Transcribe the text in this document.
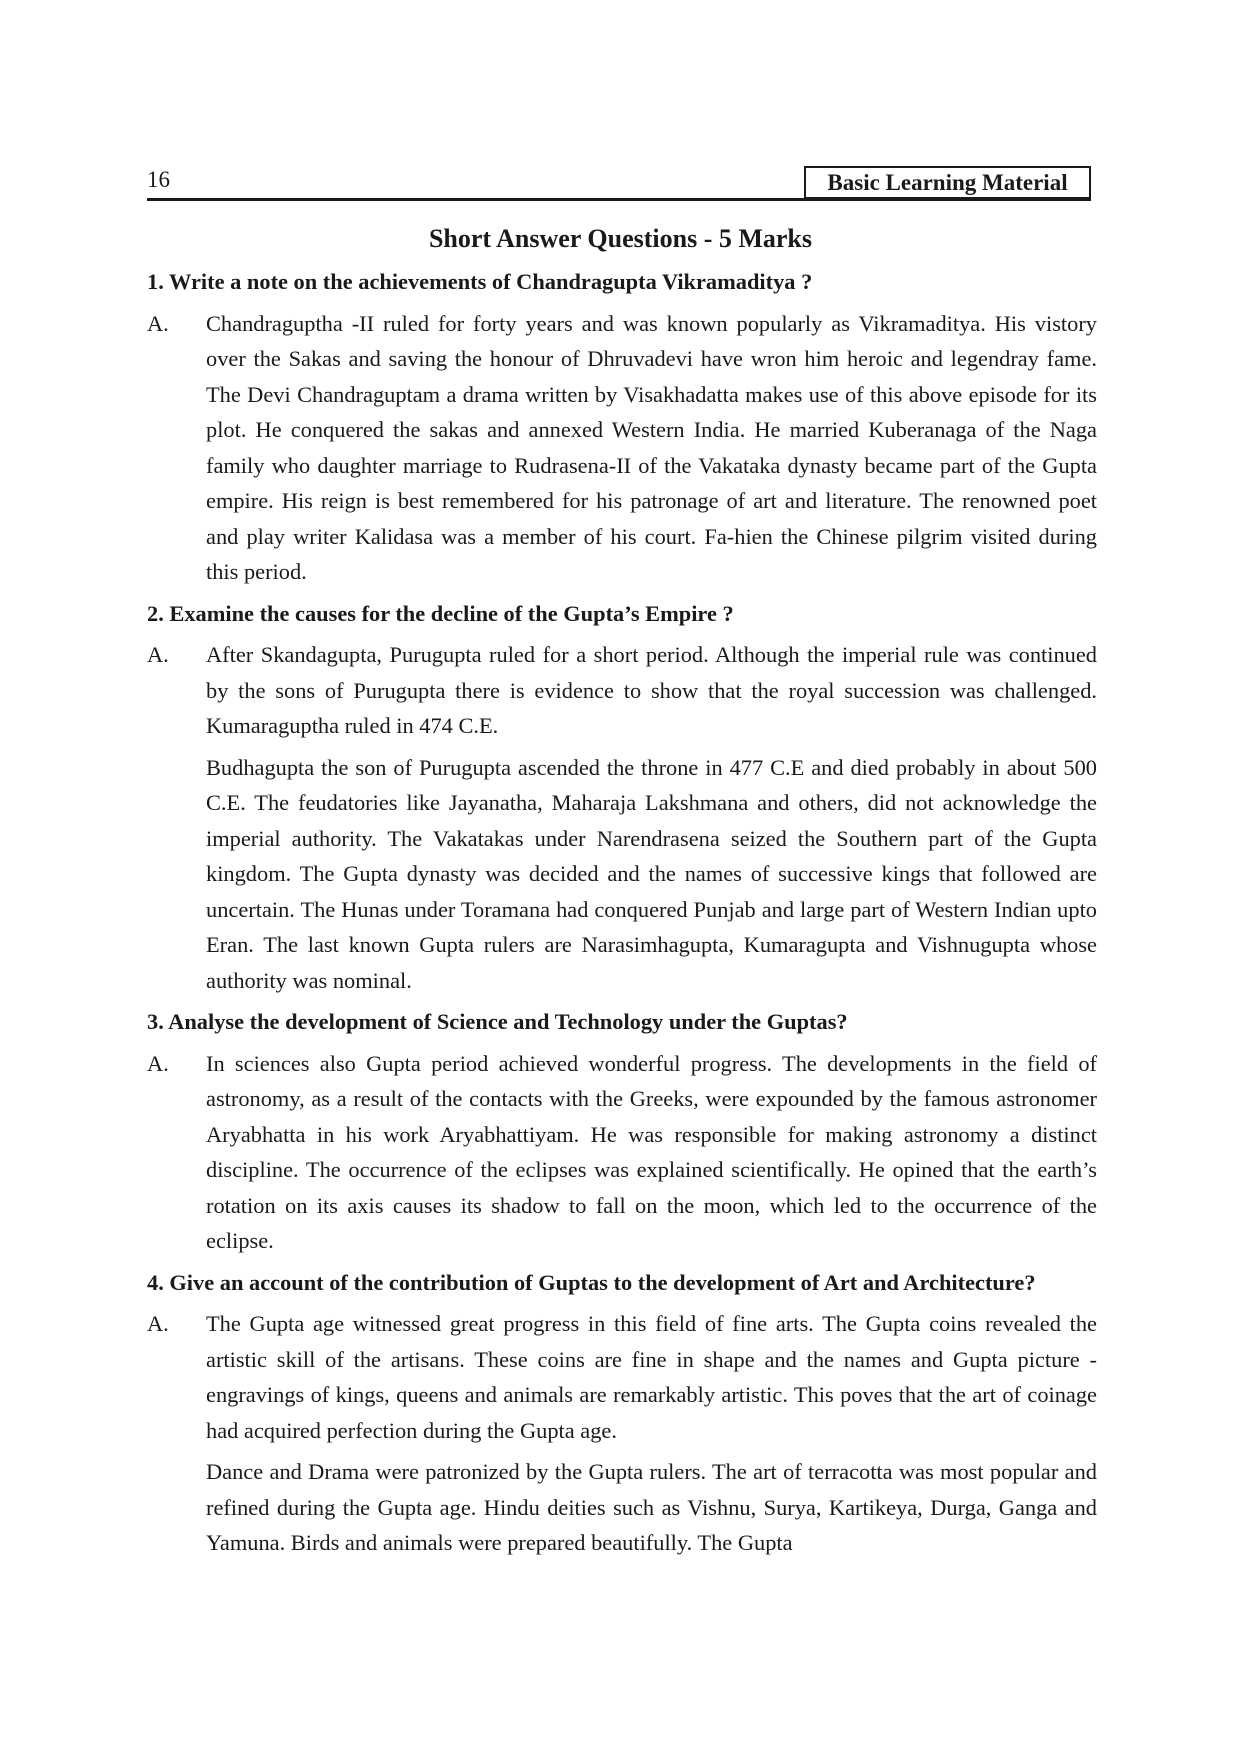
16	Basic Learning Material
Short Answer Questions - 5 Marks
1. Write a note on the achievements of Chandragupta Vikramaditya ?
A. Chandraguptha -II ruled for forty years and was known popularly as Vikramaditya. His vistory over the Sakas and saving the honour of Dhruvadevi have wron him heroic and legendray fame. The Devi Chandraguptam a drama written by Visakhadatta makes use of this above episode for its plot. He conquered the sakas and annexed Western India. He married Kuberanaga of the Naga family who daughter marriage to Rudrasena-II of the Vakataka dynasty became part of the Gupta empire. His reign is best remembered for his patronage of art and literature. The renowned poet and play writer Kalidasa was a member of his court. Fa-hien the Chinese pilgrim visited during this period.

2. Examine the causes for the decline of the Gupta’s Empire ?
A. After Skandagupta, Purugupta ruled for a short period. Although the imperial rule was continued by the sons of Purugupta there is evidence to show that the royal succession was challenged. Kumaraguptha ruled in 474 C.E.

Budhagupta the son of Purugupta ascended the throne in 477 C.E and died probably in about 500 C.E. The feudatories like Jayanatha, Maharaja Lakshmana and others, did not acknowledge the imperial authority. The Vakatakas under Narendrasena seized the Southern part of the Gupta kingdom. The Gupta dynasty was decided and the names of successive kings that followed are uncertain. The Hunas under Toramana had conquered Punjab and large part of Western Indian upto Eran. The last known Gupta rulers are Narasimhagupta, Kumaragupta and Vishnugupta whose authority was nominal.

3. Analyse the development of Science and Technology under the Guptas?
A. In sciences also Gupta period achieved wonderful progress. The developments in the field of astronomy, as a result of the contacts with the Greeks, were expounded by the famous astronomer Aryabhatta in his work Aryabhattiyam. He was responsible for making astronomy a distinct discipline. The occurrence of the eclipses was explained scientifically. He opined that the earth’s rotation on its axis causes its shadow to fall on the moon, which led to the occurrence of the eclipse.

4. Give an account of the contribution of Guptas to the development of Art and Architecture?
A. The Gupta age witnessed great progress in this field of fine arts. The Gupta coins revealed the artistic skill of the artisans. These coins are fine in shape and the names and Gupta picture - engravings of kings, queens and animals are remarkably artistic. This poves that the art of coinage had acquired perfection during the Gupta age.

Dance and Drama were patronized by the Gupta rulers. The art of terracotta was most popular and refined during the Gupta age. Hindu deities such as Vishnu, Surya, Kartikeya, Durga, Ganga and Yamuna. Birds and animals were prepared beautifully. The Gupta
